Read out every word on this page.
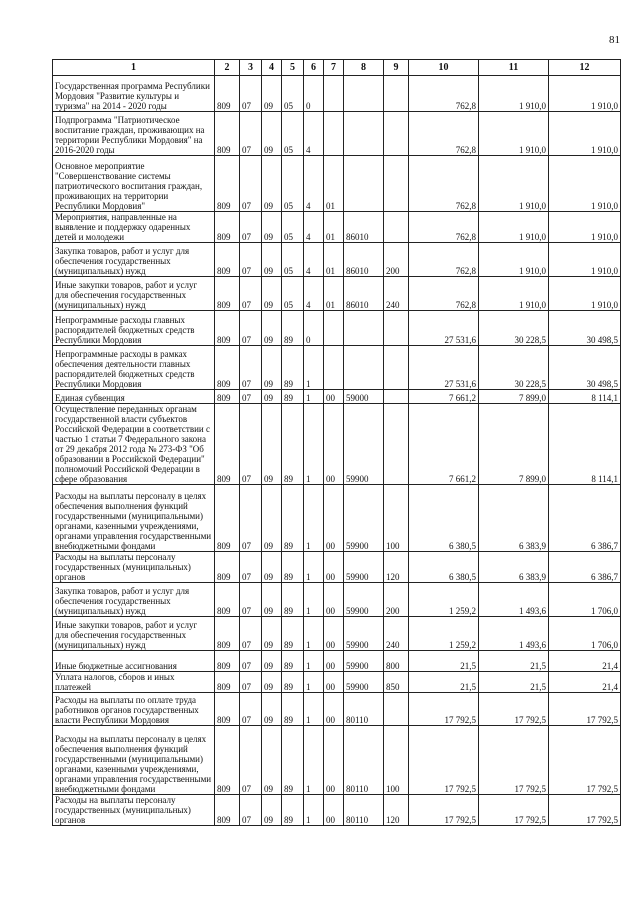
81
1	2	3	4	5	6	7	8	9	10	11	12
Государственная программа Республики Мордовия "Развитие культуры и туризма" на 2014 - 2020 годы	809	07	09	05	0				762,8	1 910,0	1 910,0
Подпрограмма "Патриотическое воспитание граждан, проживающих на территории Республики Мордовия" на 2016-2020 годы	809	07	09	05	4				762,8	1 910,0	1 910,0
Основное мероприятие "Совершенствование системы патриотического воспитания граждан, проживающих на территории Республики Мордовия"	809	07	09	05	4	01			762,8	1 910,0	1 910,0
Мероприятия, направленные на выявление и поддержку одаренных детей и молодежи	809	07	09	05	4	01	86010		762,8	1 910,0	1 910,0
Закупка товаров, работ и услуг для обеспечения государственных (муниципальных) нужд	809	07	09	05	4	01	86010	200	762,8	1 910,0	1 910,0
Иные закупки товаров, работ и услуг для обеспечения государственных (муниципальных) нужд	809	07	09	05	4	01	86010	240	762,8	1 910,0	1 910,0
Непрограммные расходы главных распорядителей бюджетных средств Республики Мордовия	809	07	09	89	0				27 531,6	30 228,5	30 498,5
Непрограммные расходы в рамках обеспечения деятельности главных распорядителей бюджетных средств Республики Мордовия	809	07	09	89	1				27 531,6	30 228,5	30 498,5
Единая субвенция	809	07	09	89	1	00	59000		7 661,2	7 899,0	8 114,1
Осуществление переданных органам государственной власти субъектов Российской Федерации в соответствии с частью 1 статьи 7 Федерального закона от 29 декабря 2012 года № 273-ФЗ "Об образовании в Российской Федерации" полномочий Российской Федерации в сфере образования	809	07	09	89	1	00	59900		7 661,2	7 899,0	8 114,1
Расходы на выплаты персоналу в целях обеспечения выполнения функций государственными (муниципальными) органами, казенными учреждениями, органами управления государственными внебюджетными фондами	809	07	09	89	1	00	59900	100	6 380,5	6 383,9	6 386,7
Расходы на выплаты персоналу государственных (муниципальных) органов	809	07	09	89	1	00	59900	120	6 380,5	6 383,9	6 386,7
Закупка товаров, работ и услуг для обеспечения государственных (муниципальных) нужд	809	07	09	89	1	00	59900	200	1 259,2	1 493,6	1 706,0
Иные закупки товаров, работ и услуг для обеспечения государственных (муниципальных) нужд	809	07	09	89	1	00	59900	240	1 259,2	1 493,6	1 706,0
Иные бюджетные ассигнования	809	07	09	89	1	00	59900	800	21,5	21,5	21,4
Уплата налогов, сборов и иных платежей	809	07	09	89	1	00	59900	850	21,5	21,5	21,4
Расходы на выплаты по оплате труда работников органов государственных власти Республики Мордовия	809	07	09	89	1	00	80110		17 792,5	17 792,5	17 792,5
Расходы на выплаты персоналу в целях обеспечения выполнения функций государственными (муниципальными) органами, казенными учреждениями, органами управления государственными внебюджетными фондами	809	07	09	89	1	00	80110	100	17 792,5	17 792,5	17 792,5
Расходы на выплаты персоналу государственных (муниципальных) органов	809	07	09	89	1	00	80110	120	17 792,5	17 792,5	17 792,5
